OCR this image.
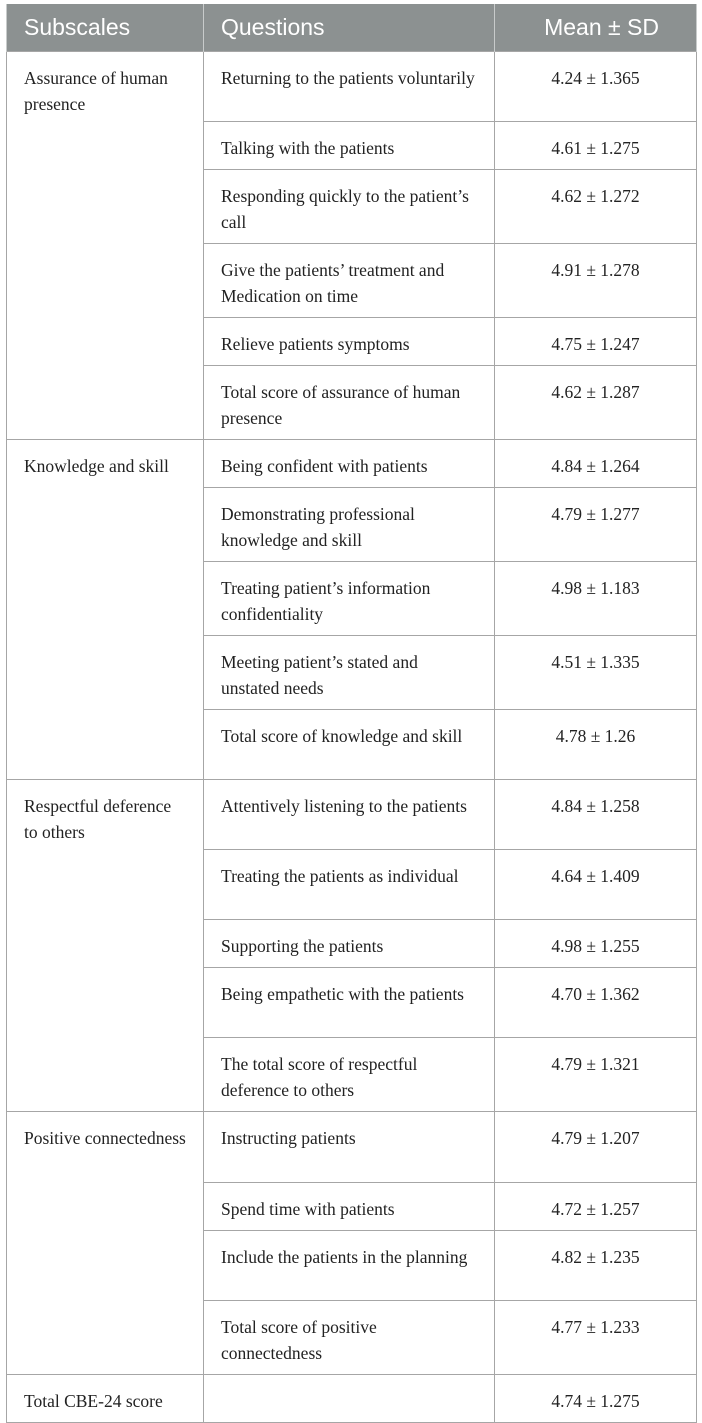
Subscales	Questions	Mean ± SD
Assurance of human presence	Returning to the patients voluntarily	4.24 ± 1.365
	Talking with the patients	4.61 ± 1.275
	Responding quickly to the patient’s call	4.62 ± 1.272
	Give the patients’ treatment and Medication on time	4.91 ± 1.278
	Relieve patients symptoms	4.75 ± 1.247
	Total score of assurance of human presence	4.62 ± 1.287
Knowledge and skill	Being confident with patients	4.84 ± 1.264
	Demonstrating professional knowledge and skill	4.79 ± 1.277
	Treating patient’s information confidentiality	4.98 ± 1.183
	Meeting patient’s stated and unstated needs	4.51 ± 1.335
	Total score of knowledge and skill	4.78 ± 1.26
Respectful deference to others	Attentively listening to the patients	4.84 ± 1.258
	Treating the patients as individual	4.64 ± 1.409
	Supporting the patients	4.98 ± 1.255
	Being empathetic with the patients	4.70 ± 1.362
	The total score of respectful deference to others	4.79 ± 1.321
Positive connectedness	Instructing patients	4.79 ± 1.207
	Spend time with patients	4.72 ± 1.257
	Include the patients in the planning	4.82 ± 1.235
	Total score of positive connectedness	4.77 ± 1.233
Total CBE-24 score		4.74 ± 1.275
